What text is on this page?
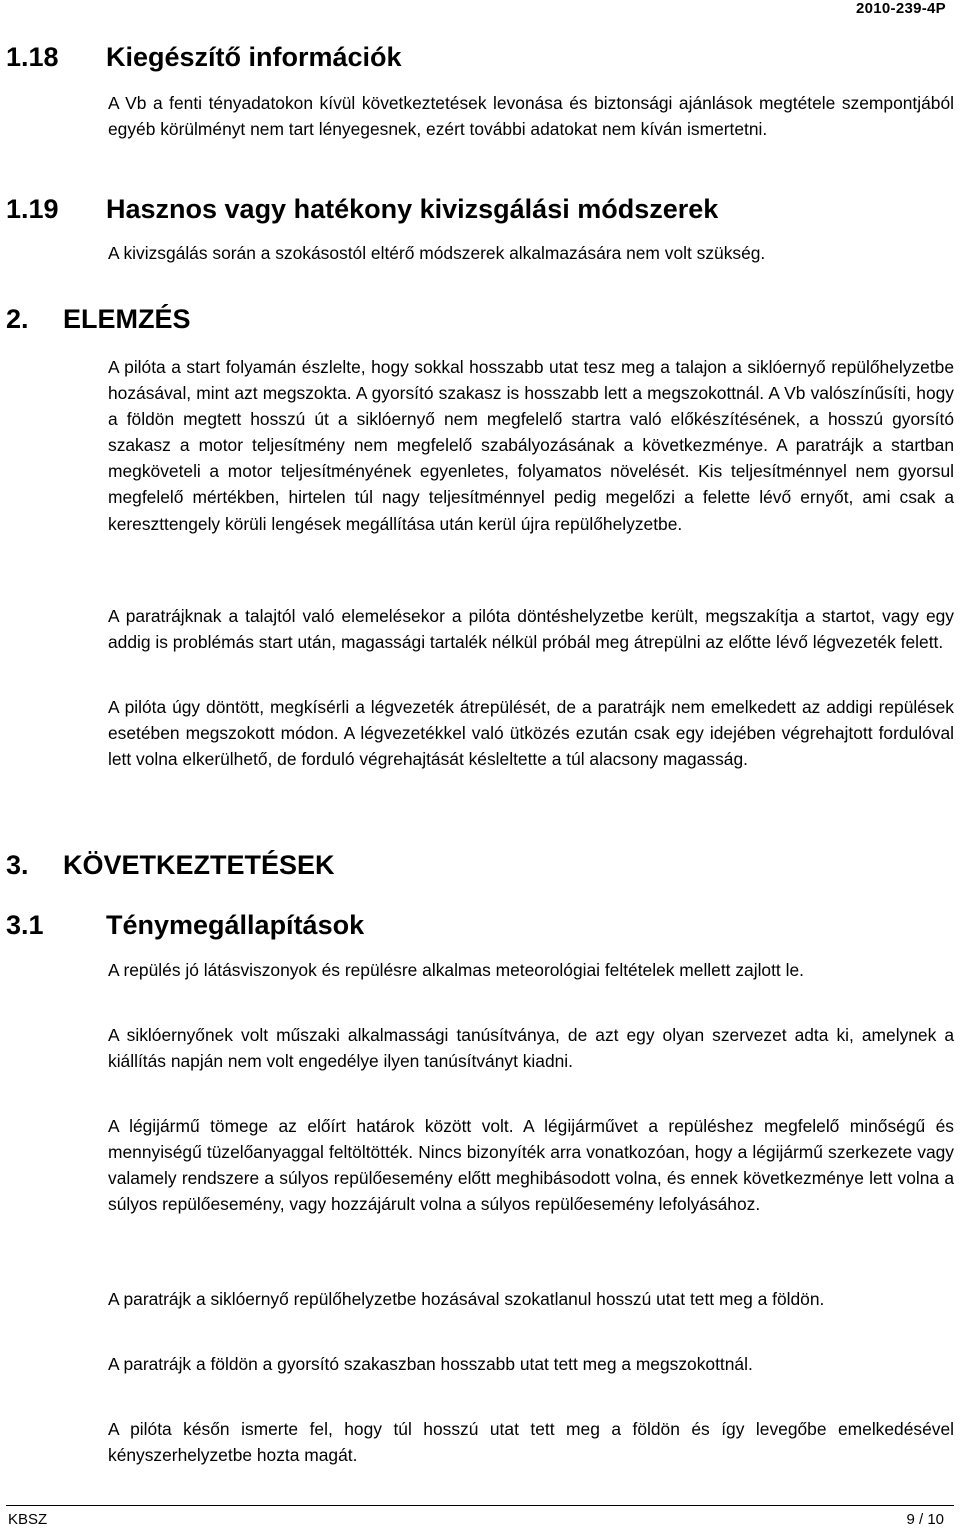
2010-239-4P
1.18 Kiegészítő információk

A Vb a fenti tényadatokon kívül következtetések levonása és biztonsági ajánlások megtétele szempontjából egyéb körülményt nem tart lényegesnek, ezért további adatokat nem kíván ismertetni.

1.19 Hasznos vagy hatékony kivizsgálási módszerek

A kivizsgálás során a szokásostól eltérő módszerek alkalmazására nem volt szükség.

2. ELEMZÉS

A pilóta a start folyamán észlelte, hogy sokkal hosszabb utat tesz meg a talajon a siklóernyő repülőhelyzetbe hozásával, mint azt megszokta. A gyorsító szakasz is hosszabb lett a megszokottnál. A Vb valószínűsíti, hogy a földön megtett hosszú út a siklóernyő nem megfelelő startra való előkészítésének, a hosszú gyorsító szakasz a motor teljesítmény nem megfelelő szabályozásának a következménye. A paratrájk a startban megköveteli a motor teljesítményének egyenletes, folyamatos növelését. Kis teljesítménnyel nem gyorsul megfelelő mértékben, hirtelen túl nagy teljesítménnyel pedig megelőzi a felette lévő ernyőt, ami csak a kereszttengely körüli lengések megállítása után kerül újra repülőhelyzetbe.

A paratrájknak a talajtól való elemelésekor a pilóta döntéshelyzetbe került, megszakítja a startot, vagy egy addig is problémás start után, magassági tartalék nélkül próbál meg átrepülni az előtte lévő légvezeték felett.

A pilóta úgy döntött, megkísérli a légvezeték átrepülését, de a paratrájk nem emelkedett az addigi repülések esetében megszokott módon. A légvezetékkel való ütközés ezután csak egy idejében végrehajtott fordulóval lett volna elkerülhető, de forduló végrehajtását késleltette a túl alacsony magasság.

3. KÖVETKEZTETÉSEK
3.1 Ténymegállapítások

A repülés jó látásviszonyok és repülésre alkalmas meteorológiai feltételek mellett zajlott le.

A siklóernyőnek volt műszaki alkalmassági tanúsítványa, de azt egy olyan szervezet adta ki, amelynek a kiállítás napján nem volt engedélye ilyen tanúsítványt kiadni.

A légijármű tömege az előírt határok között volt. A légijárművet a repüléshez megfelelő minőségű és mennyiségű tüzelőanyaggal feltöltötték. Nincs bizonyíték arra vonatkozóan, hogy a légijármű szerkezete vagy valamely rendszere a súlyos repülőesemény előtt meghibásodott volna, és ennek következménye lett volna a súlyos repülőesemény, vagy hozzájárult volna a súlyos repülőesemény lefolyásához.

A paratrájk a siklóernyő repülőhelyzetbe hozásával szokatlanul hosszú utat tett meg a földön.

A paratrájk a földön a gyorsító szakaszban hosszabb utat tett meg a megszokottnál.

A pilóta későn ismerte fel, hogy túl hosszú utat tett meg a földön és így levegőbe emelkedésével kényszerhelyzetbe hozta magát.

KBSZ	9 / 10
